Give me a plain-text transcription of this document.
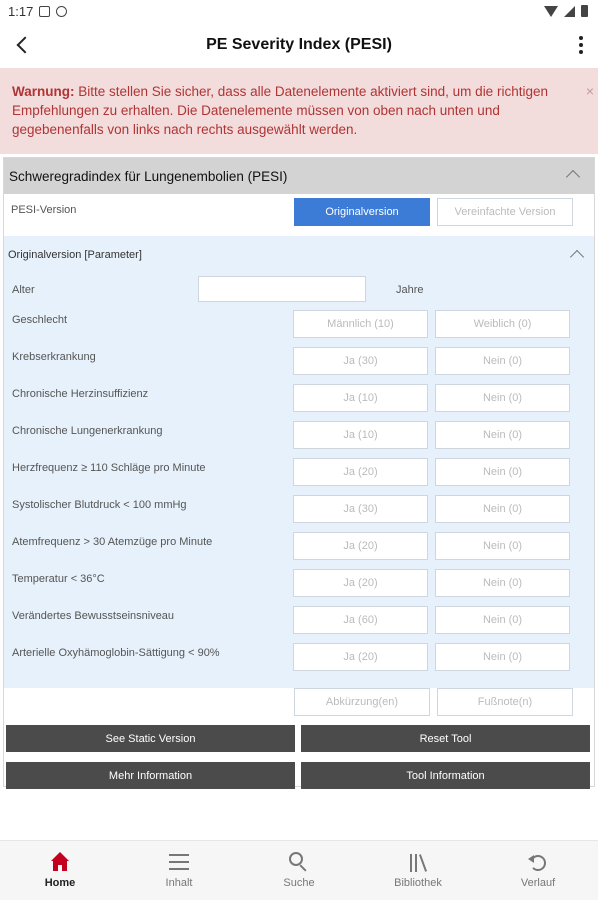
1:17
PE Severity Index (PESI)
Warnung: Bitte stellen Sie sicher, dass alle Datenelemente aktiviert sind, um die richtigen Empfehlungen zu erhalten. Die Datenelemente müssen von oben nach unten und gegebenenfalls von links nach rechts ausgewählt werden.
×
Schweregradindex für Lungenembolien (PESI)
PESI-Version	Originalversion	Vereinfachte Version
Originalversion [Parameter]
Alter	Jahre
Geschlecht	Männlich (10)	Weiblich (0)
Krebserkrankung	Ja (30)	Nein (0)
Chronische Herzinsuffizienz	Ja (10)	Nein (0)
Chronische Lungenerkrankung	Ja (10)	Nein (0)
Herzfrequenz ≥ 110 Schläge pro Minute	Ja (20)	Nein (0)
Systolischer Blutdruck < 100 mmHg	Ja (30)	Nein (0)
Atemfrequenz > 30 Atemzüge pro Minute	Ja (20)	Nein (0)
Temperatur < 36°C	Ja (20)	Nein (0)
Verändertes Bewusstseinsniveau	Ja (60)	Nein (0)
Arterielle Oxyhämoglobin-Sättigung < 90%	Ja (20)	Nein (0)
Abkürzung(en)	Fußnote(n)
See Static Version	Reset Tool
Mehr Information	Tool Information
Home	Inhalt	Suche	Bibliothek	Verlauf
